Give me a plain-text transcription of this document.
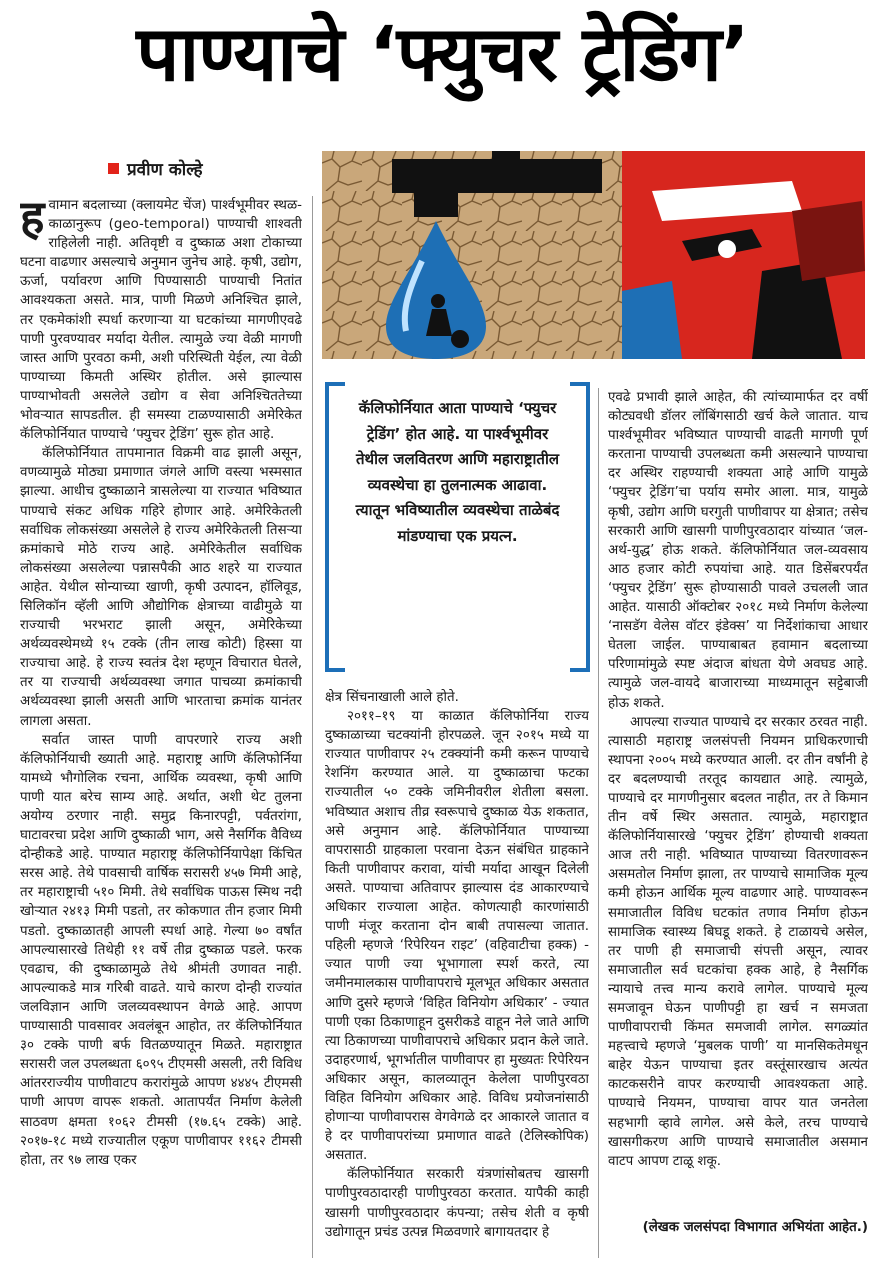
पाण्याचे ‘फ्युचर ट्रेडिंग’
प्रवीण कोल्हे
कॅलिफोर्नियात आता पाण्याचे ‘फ्युचर ट्रेडिंग’ होत आहे. या पार्श्वभूमीवर तेथील जलवितरण आणि महाराष्ट्रातील व्यवस्थेचा हा तुलनात्मक आढावा. त्यातून भविष्यातील व्यवस्थेचा ताळेबंद मांडण्याचा एक प्रयत्न.

हवामान बदलाच्या (क्लायमेट चेंज) पार्श्वभूमीवर स्थळ-काळानुरूप (geo-temporal) पाण्याची शाश्वती राहिलेली नाही. अतिवृष्टी व दुष्काळ अशा टोकाच्या घटना वाढणार असल्याचे अनुमान जुनेच आहे. कृषी, उद्योग, ऊर्जा, पर्यावरण आणि पिण्यासाठी पाण्याची नितांत आवश्यकता असते. मात्र, पाणी मिळणे अनिश्चित झाले, तर एकमेकांशी स्पर्धा करणाऱ्या या घटकांच्या मागणीएवढे पाणी पुरवण्यावर मर्यादा येतील. त्यामुळे ज्या वेळी मागणी जास्त आणि पुरवठा कमी, अशी परिस्थिती येईल, त्या वेळी पाण्याच्या किमती अस्थिर होतील. असे झाल्यास पाण्याभोवती असलेले उद्योग व सेवा अनिश्चिततेच्या भोवऱ्यात सापडतील. ही समस्या टाळण्यासाठी अमेरिकेत कॅलिफोर्नियात पाण्याचे ‘फ्युचर ट्रेडिंग’ सुरू होत आहे.

कॅलिफोर्नियात तापमानात विक्रमी वाढ झाली असून, वणव्यामुळे मोठ्या प्रमाणात जंगले आणि वस्त्या भस्मसात झाल्या. आधीच दुष्काळाने त्रासलेल्या या राज्यात भविष्यात पाण्याचे संकट अधिक गहिरे होणार आहे. अमेरिकेतली सर्वाधिक लोकसंख्या असलेले हे राज्य अमेरिकेतली तिसऱ्या क्रमांकाचे मोठे राज्य आहे. अमेरिकेतील सर्वाधिक लोकसंख्या असलेल्या पन्नासपैकी आठ शहरे या राज्यात आहेत. येथील सोन्याच्या खाणी, कृषी उत्पादन, हॉलिवूड, सिलिकॉन व्हॅली आणि औद्योगिक क्षेत्राच्या वाढीमुळे या राज्याची भरभराट झाली असून, अमेरिकेच्या अर्थव्यवस्थेमध्ये १५ टक्के (तीन लाख कोटी) हिस्सा या राज्याचा आहे. हे राज्य स्वतंत्र देश म्हणून विचारात घेतले, तर या राज्याची अर्थव्यवस्था जगात पाचव्या क्रमांकाची अर्थव्यवस्था झाली असती आणि भारताचा क्रमांक यानंतर लागला असता.

सर्वात जास्त पाणी वापरणारे राज्य अशी कॅलिफोर्नियाची ख्याती आहे. महाराष्ट्र आणि कॅलिफोर्निया यामध्ये भौगोलिक रचना, आर्थिक व्यवस्था, कृषी आणि पाणी यात बरेच साम्य आहे. अर्थात, अशी थेट तुलना अयोग्य ठरणार नाही. समुद्र किनारपट्टी, पर्वतरांगा, घाटावरचा प्रदेश आणि दुष्काळी भाग, असे नैसर्गिक वैविध्य दोन्हीकडे आहे. पाण्यात महाराष्ट्र कॅलिफोर्नियापेक्षा किंचित सरस आहे. तेथे पावसाची वार्षिक सरासरी ४५७ मिमी आहे, तर महाराष्ट्राची ५१० मिमी. तेथे सर्वाधिक पाऊस स्मिथ नदी खोऱ्यात २४१३ मिमी पडतो, तर कोकणात तीन हजार मिमी पडतो. दुष्काळातही आपली स्पर्धा आहे. गेल्या ७० वर्षांत आपल्यासारखे तिथेही ११ वर्षे तीव्र दुष्काळ पडले. फरक एवढाच, की दुष्काळामुळे तेथे श्रीमंती उणावत नाही. आपल्याकडे मात्र गरिबी वाढते. याचे कारण दोन्ही राज्यांत जलविज्ञान आणि जलव्यवस्थापन वेगळे आहे. आपण पाण्यासाठी पावसावर अवलंबून आहोत, तर कॅलिफोर्नियात ३० टक्के पाणी बर्फ वितळण्यातून मिळते. महाराष्ट्रात सरासरी जल उपलब्धता ६०९५ टीएमसी असली, तरी विविध आंतरराज्यीय पाणीवाटप करारांमुळे आपण ४४४५ टीएमसी पाणी आपण वापरू शकतो. आतापर्यंत निर्माण केलेली साठवण क्षमता १०६२ टीमसी (१७.६५ टक्के) आहे. २०१७-१८ मध्ये राज्यातील एकूण पाणीवापर ११६२ टीमसी होता, तर ९७ लाख एकर

क्षेत्र सिंचनाखाली आले होते.

२०११–१९ या काळात कॅलिफोर्निया राज्य दुष्काळाच्या चटक्यांनी होरपळले. जून २०१५ मध्ये या राज्यात पाणीवापर २५ टक्क्यांनी कमी करून पाण्याचे रेशनिंग करण्यात आले. या दुष्काळाचा फटका राज्यातील ५० टक्के जमिनीवरील शेतीला बसला. भविष्यात अशाच तीव्र स्वरूपाचे दुष्काळ येऊ शकतात, असे अनुमान आहे. कॅलिफोर्नियात पाण्याच्या वापरासाठी ग्राहकाला परवाना देऊन संबंधित ग्राहकाने किती पाणीवापर करावा, यांची मर्यादा आखून दिलेली असते. पाण्याचा अतिवापर झाल्यास दंड आकारण्याचे अधिकार राज्याला आहेत. कोणत्याही कारणांसाठी पाणी मंजूर करताना दोन बाबी तपासल्या जातात. पहिली म्हणजे ‘रिपेरियन राइट’ (वहिवाटीचा हक्क) - ज्यात पाणी ज्या भूभागाला स्पर्श करते, त्या जमीनमालकास पाणीवापराचे मूलभूत अधिकार असतात आणि दुसरे म्हणजे ‘विहित विनियोग अधिकार’ - ज्यात पाणी एका ठिकाणाहून दुसरीकडे वाहून नेले जाते आणि त्या ठिकाणच्या पाणीवापराचे अधिकार प्रदान केले जाते. उदाहरणार्थ, भूगर्भातील पाणीवापर हा मुख्यतः रिपेरियन अधिकार असून, कालव्यातून केलेला पाणीपुरवठा विहित विनियोग अधिकार आहे. विविध प्रयोजनांसाठी होणाऱ्या पाणीवापरास वेगवेगळे दर आकारले जातात व हे दर पाणीवापरांच्या प्रमाणात वाढते (टेलिस्कोपिक) असतात.

कॅलिफोर्नियात सरकारी यंत्रणांसोबतच खासगी पाणीपुरवठादारही पाणीपुरवठा करतात. यापैकी काही खासगी पाणीपुरवठादार कंपन्या; तसेच शेती व कृषी उद्योगातून प्रचंड उत्पन्न मिळवणारे बागायतदार हे

एवढे प्रभावी झाले आहेत, की त्यांच्यामार्फत दर वर्षी कोट्यवधी डॉलर लॉबिंगसाठी खर्च केले जातात. याच पार्श्वभूमीवर भविष्यात पाण्याची वाढती मागणी पूर्ण करताना पाण्याची उपलब्धता कमी असल्याने पाण्याचा दर अस्थिर राहण्याची शक्यता आहे आणि यामुळे ‘फ्युचर ट्रेडिंग’चा पर्याय समोर आला. मात्र, यामुळे कृषी, उद्योग आणि घरगुती पाणीवापर या क्षेत्रात; तसेच सरकारी आणि खासगी पाणीपुरवठादार यांच्यात ‘जल-अर्थ-युद्ध’ होऊ शकते. कॅलिफोर्नियात जल-व्यवसाय आठ हजार कोटी रुपयांचा आहे. यात डिसेंबरपर्यंत ‘फ्युचर ट्रेडिंग’ सुरू होण्यासाठी पावले उचलली जात आहेत. यासाठी ऑक्टोबर २०१८ मध्ये निर्माण केलेल्या ‘नासडॅग वेलेस वॉटर इंडेक्स’ या निर्देशांकाचा आधार घेतला जाईल. पाण्याबाबत हवामान बदलाच्या परिणामांमुळे स्पष्ट अंदाज बांधता येणे अवघड आहे. त्यामुळे जल-वायदे बाजाराच्या माध्यमातून सट्टेबाजी होऊ शकते.

आपल्या राज्यात पाण्याचे दर सरकार ठरवत नाही. त्यासाठी महाराष्ट्र जलसंपत्ती नियमन प्राधिकरणाची स्थापना २००५ मध्ये करण्यात आली. दर तीन वर्षांनी हे दर बदलण्याची तरतूद कायद्यात आहे. त्यामुळे, पाण्याचे दर मागणीनुसार बदलत नाहीत, तर ते किमान तीन वर्षे स्थिर असतात. त्यामुळे, महाराष्ट्रात कॅलिफोर्नियासारखे ‘फ्युचर ट्रेडिंग’ होण्याची शक्यता आज तरी नाही. भविष्यात पाण्याच्या वितरणावरून असमतोल निर्माण झाला, तर पाण्याचे सामाजिक मूल्य कमी होऊन आर्थिक मूल्य वाढणार आहे. पाण्यावरून समाजातील विविध घटकांत तणाव निर्माण होऊन सामाजिक स्वास्थ्य बिघडू शकते. हे टाळायचे असेल, तर पाणी ही समाजाची संपत्ती असून, त्यावर समाजातील सर्व घटकांचा हक्क आहे, हे नैसर्गिक न्यायाचे तत्त्व मान्य करावे लागेल. पाण्याचे मूल्य समजावून घेऊन पाणीपट्टी हा खर्च न समजता पाणीवापराची किंमत समजावी लागेल. सगळ्यांत महत्त्वाचे म्हणजे ‘मुबलक पाणी’ या मानसिकतेमधून बाहेर येऊन पाण्याचा इतर वस्तूंसारखाच अत्यंत काटकसरीने वापर करण्याची आवश्यकता आहे. पाण्याचे नियमन, पाण्याचा वापर यात जनतेला सहभागी व्हावे लागेल. असे केले, तरच पाण्याचे खासगीकरण आणि पाण्याचे समाजातील असमान वाटप आपण टाळू शकू.

(लेखक जलसंपदा विभागात अभियंता आहेत.)
